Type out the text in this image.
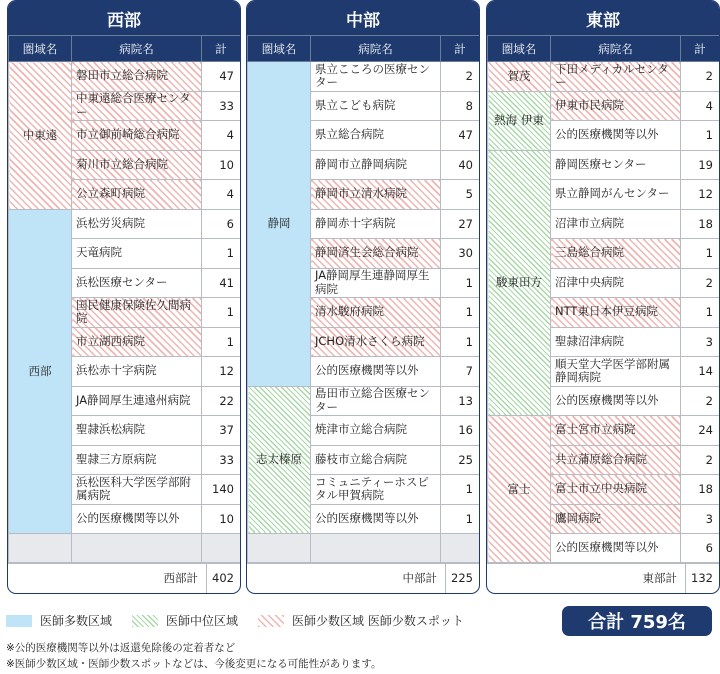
西部
圏域名	病院名	計
中東遠	磐田市立総合病院	47
	中東遠総合医療センター	33
	市立御前崎総合病院	4
	菊川市立総合病院	10
	公立森町病院	4
西部	浜松労災病院	6
	天竜病院	1
	浜松医療センター	41
	国民健康保険佐久間病院	1
	市立湖西病院	1
	浜松赤十字病院	12
	JA静岡厚生連遠州病院	22
	聖隷浜松病院	37
	聖隷三方原病院	33
	浜松医科大学医学部附属病院	140
	公的医療機関等以外	10

西部計	402
中部
圏域名	病院名	計
静岡	県立こころの医療センター	2
	県立こども病院	8
	県立総合病院	47
	静岡市立静岡病院	40
	静岡市立清水病院	5
	静岡赤十字病院	27
	静岡済生会総合病院	30
	JA静岡厚生連静岡厚生病院	1
	清水駿府病院	1
	JCHO清水さくら病院	1
	公的医療機関等以外	7
志太榛原	島田市立総合医療センター	13
	焼津市立総合病院	16
	藤枝市立総合病院	25
	コミュニティーホスピタル甲賀病院	1
	公的医療機関等以外	1

中部計	225
東部
圏域名	病院名	計
賀茂	下田メディカルセンター	2
熱海 伊東	伊東市民病院	4
	公的医療機関等以外	1
駿東田方	静岡医療センター	19
	県立静岡がんセンター	12
	沼津市立病院	18
	三島総合病院	1
	沼津中央病院	2
	NTT東日本伊豆病院	1
	聖隷沼津病院	3
	順天堂大学医学部附属静岡病院	14
	公的医療機関等以外	2
富士	富士宮市立病院	24
	共立蒲原総合病院	2
	富士市立中央病院	18
	鷹岡病院	3
	公的医療機関等以外	6
東部計	132
医師多数区域	医師中位区域	医師少数区域 医師少数スポット	合計 759名
※公的医療機関等以外は返還免除後の定着者など
※医師少数区域・医師少数スポットなどは、今後変更になる可能性があります。
